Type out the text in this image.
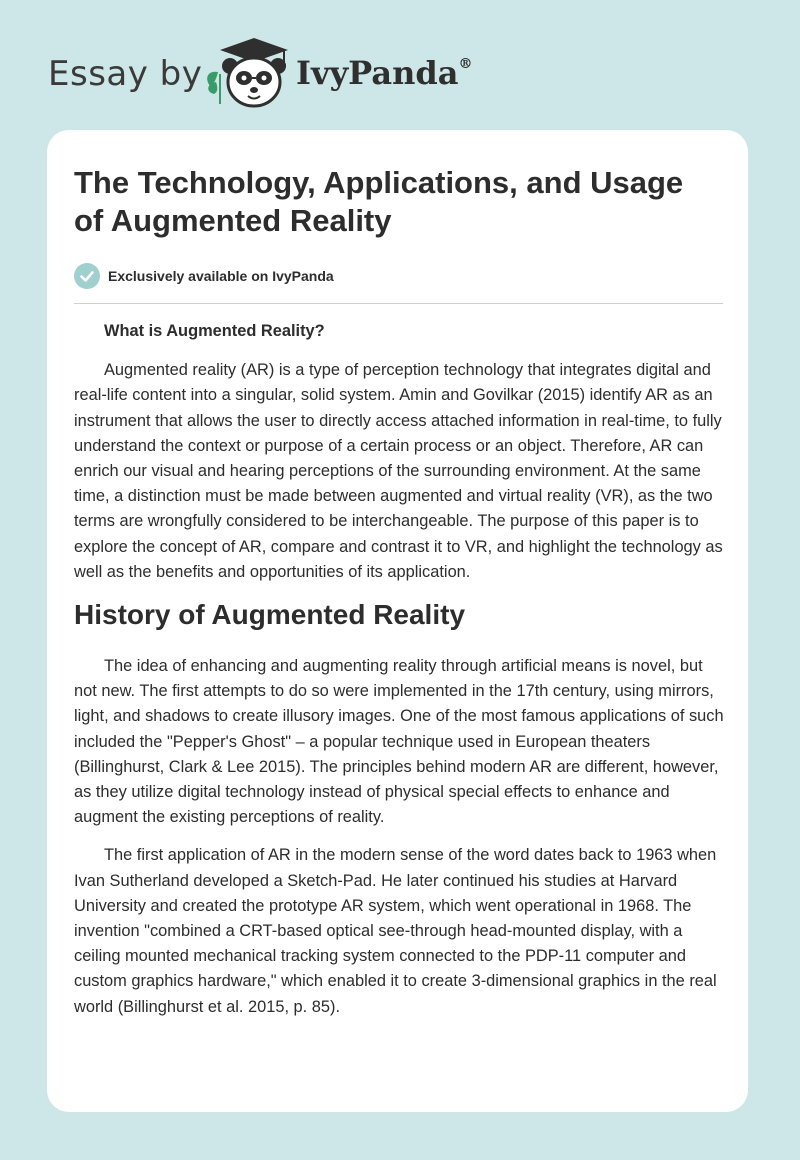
Essay by	IvyPanda®
The Technology, Applications, and Usage of Augmented Reality
Exclusively available on IvyPanda

What is Augmented Reality?

Augmented reality (AR) is a type of perception technology that integrates digital and real-life content into a singular, solid system. Amin and Govilkar (2015) identify AR as an instrument that allows the user to directly access attached information in real-time, to fully understand the context or purpose of a certain process or an object. Therefore, AR can enrich our visual and hearing perceptions of the surrounding environment. At the same time, a distinction must be made between augmented and virtual reality (VR), as the two terms are wrongfully considered to be interchangeable. The purpose of this paper is to explore the concept of AR, compare and contrast it to VR, and highlight the technology as well as the benefits and opportunities of its application.

History of Augmented Reality

The idea of enhancing and augmenting reality through artificial means is novel, but not new. The first attempts to do so were implemented in the 17th century, using mirrors, light, and shadows to create illusory images. One of the most famous applications of such included the "Pepper's Ghost" – a popular technique used in European theaters (Billinghurst, Clark & Lee 2015). The principles behind modern AR are different, however, as they utilize digital technology instead of physical special effects to enhance and augment the existing perceptions of reality.

The first application of AR in the modern sense of the word dates back to 1963 when Ivan Sutherland developed a Sketch-Pad. He later continued his studies at Harvard University and created the prototype AR system, which went operational in 1968. The invention "combined a CRT-based optical see-through head-mounted display, with a ceiling mounted mechanical tracking system connected to the PDP-11 computer and custom graphics hardware," which enabled it to create 3-dimensional graphics in the real world (Billinghurst et al. 2015, p. 85).
